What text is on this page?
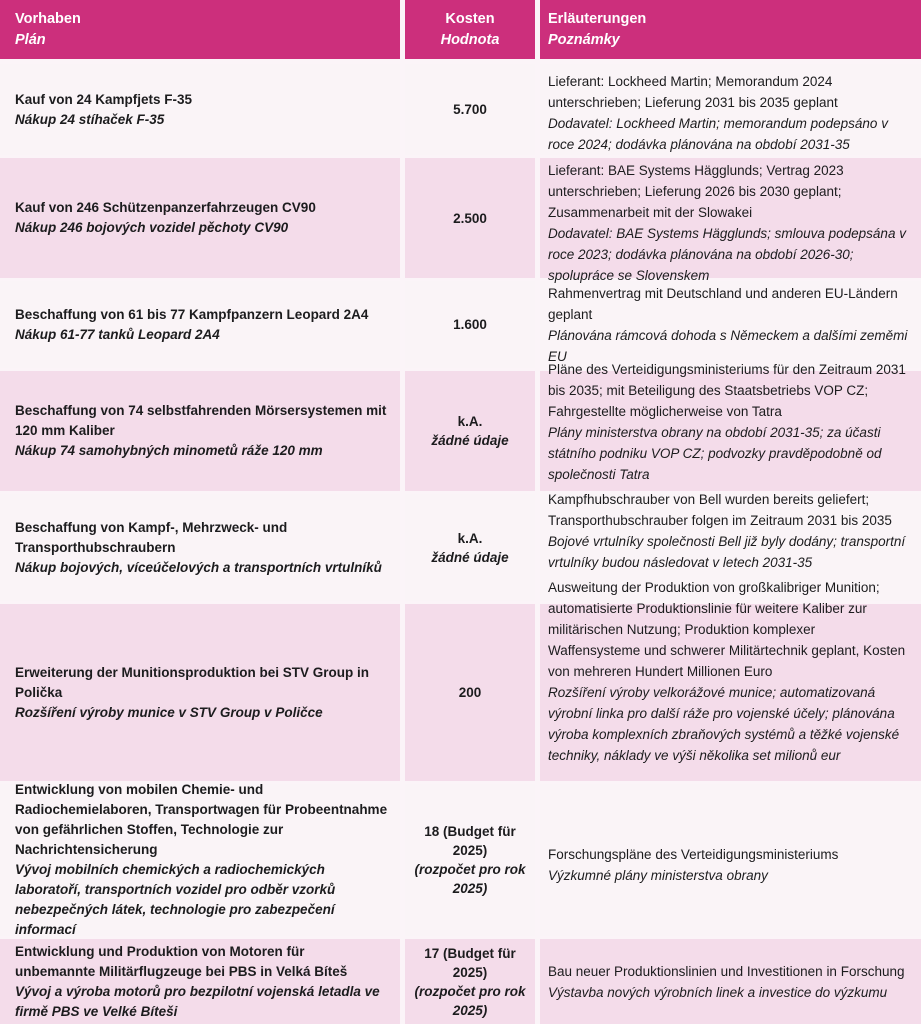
Vorhaben
Plán
Kosten
Hodnota
Erläuterungen
Poznámky
Kauf von 24 Kampfjets F-35
Nákup 24 stíhaček F-35
5.700
Lieferant: Lockheed Martin; Memorandum 2024 unterschrieben; Lieferung 2031 bis 2035 geplant
Dodavatel: Lockheed Martin; memorandum podepsáno v roce 2024; dodávka plánována na období 2031-35
Kauf von 246 Schützenpanzerfahrzeugen CV90
Nákup 246 bojových vozidel pěchoty CV90
2.500
Lieferant: BAE Systems Hägglunds; Vertrag 2023 unterschrieben; Lieferung 2026 bis 2030 geplant; Zusammenarbeit mit der Slowakei
Dodavatel: BAE Systems Hägglunds; smlouva podepsána v roce 2023; dodávka plánována na období 2026-30; spolupráce se Slovenskem
Beschaffung von 61 bis 77 Kampfpanzern Leopard 2A4
Nákup 61-77 tanků Leopard 2A4
1.600
Rahmenvertrag mit Deutschland und anderen EU-Ländern geplant
Plánována rámcová dohoda s Německem a dalšími zeměmi EU
Beschaffung von 74 selbstfahrenden Mörsersystemen mit 120 mm Kaliber
Nákup 74 samohybných minometů ráže 120 mm
k.A.
žádné údaje
Pläne des Verteidigungsministeriums für den Zeitraum 2031 bis 2035; mit Beteiligung des Staatsbetriebs VOP CZ; Fahrgestellte möglicherweise von Tatra
Plány ministerstva obrany na období 2031-35; za účasti státního podniku VOP CZ; podvozky pravděpodobně od společnosti Tatra
Beschaffung von Kampf-, Mehrzweck- und Transporthubschraubern
Nákup bojových, víceúčelových a transportních vrtulníků
k.A.
žádné údaje
Kampfhubschrauber von Bell wurden bereits geliefert; Transporthubschrauber folgen im Zeitraum 2031 bis 2035
Bojové vrtulníky společnosti Bell již byly dodány; transportní vrtulníky budou následovat v letech 2031-35
Erweiterung der Munitionsproduktion bei STV Group in Polička
Rozšíření výroby munice v STV Group v Poličce
200
Ausweitung der Produktion von großkalibriger Munition; automatisierte Produktionslinie für weitere Kaliber zur militärischen Nutzung; Produktion komplexer Waffensysteme und schwerer Militärtechnik geplant, Kosten von mehreren Hundert Millionen Euro
Rozšíření výroby velkorážové munice; automatizovaná výrobní linka pro další ráže pro vojenské účely; plánována výroba komplexních zbraňových systémů a těžké vojenské techniky, náklady ve výši několika set milionů eur
Entwicklung von mobilen Chemie- und Radiochemielaboren, Transportwagen für Probeentnahme von gefährlichen Stoffen, Technologie zur Nachrichtensicherung
Vývoj mobilních chemických a radiochemických laboratoří, transportních vozidel pro odběr vzorků nebezpečných látek, technologie pro zabezpečení informací
18 (Budget für 2025)
(rozpočet pro rok 2025)
Forschungspläne des Verteidigungsministeriums
Výzkumné plány ministerstva obrany
Entwicklung und Produktion von Motoren für unbemannte Militärflugzeuge bei PBS in Velká Bíteš
Vývoj a výroba motorů pro bezpilotní vojenská letadla ve firmě PBS ve Velké Bíteši
17 (Budget für 2025)
(rozpočet pro rok 2025)
Bau neuer Produktionslinien und Investitionen in Forschung
Výstavba nových výrobních linek a investice do výzkumu
